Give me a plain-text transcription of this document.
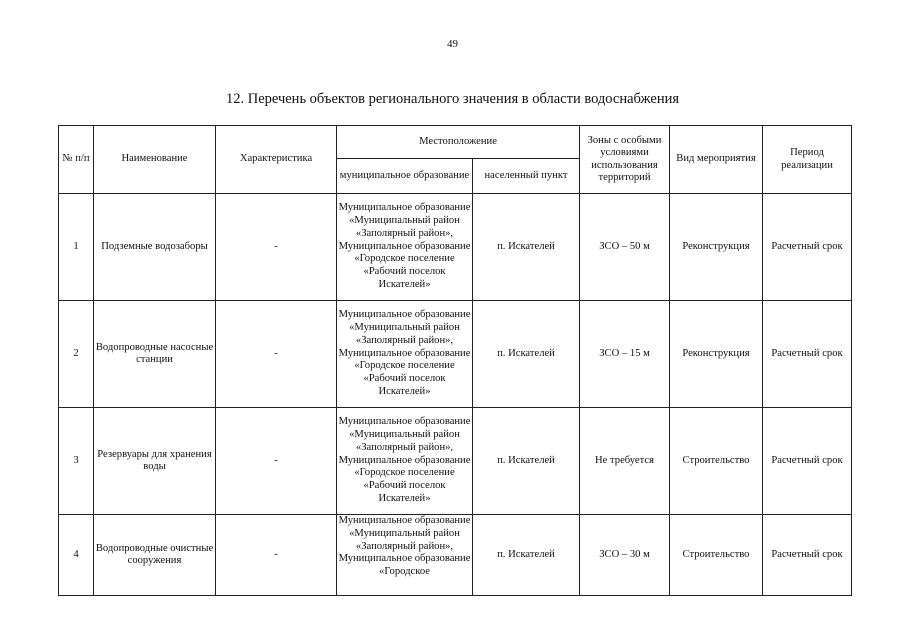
49
12. Перечень объектов регионального значения в области водоснабжения
№ п/п	Наименование	Характеристика	Местоположение		Зоны с особыми условиями использования территорий	Вид мероприятия	Период реализации
			муниципальное образование	населенный пункт			
1	Подземные водозаборы	-	Муниципальное образование «Муниципальный район «Заполярный район», Муниципальное образование «Городское поселение «Рабочий поселок Искателей»	п. Искателей	ЗСО – 50 м	Реконструкция	Расчетный срок
2	Водопроводные насосные станции	-	Муниципальное образование «Муниципальный район «Заполярный район», Муниципальное образование «Городское поселение «Рабочий поселок Искателей»	п. Искателей	ЗСО – 15 м	Реконструкция	Расчетный срок
3	Резервуары для хранения воды	-	Муниципальное образование «Муниципальный район «Заполярный район», Муниципальное образование «Городское поселение «Рабочий поселок Искателей»	п. Искателей	Не требуется	Строительство	Расчетный срок
4	Водопроводные очистные сооружения	-	Муниципальное образование «Муниципальный район «Заполярный район», Муниципальное образование «Городское	п. Искателей	ЗСО – 30 м	Строительство	Расчетный срок
